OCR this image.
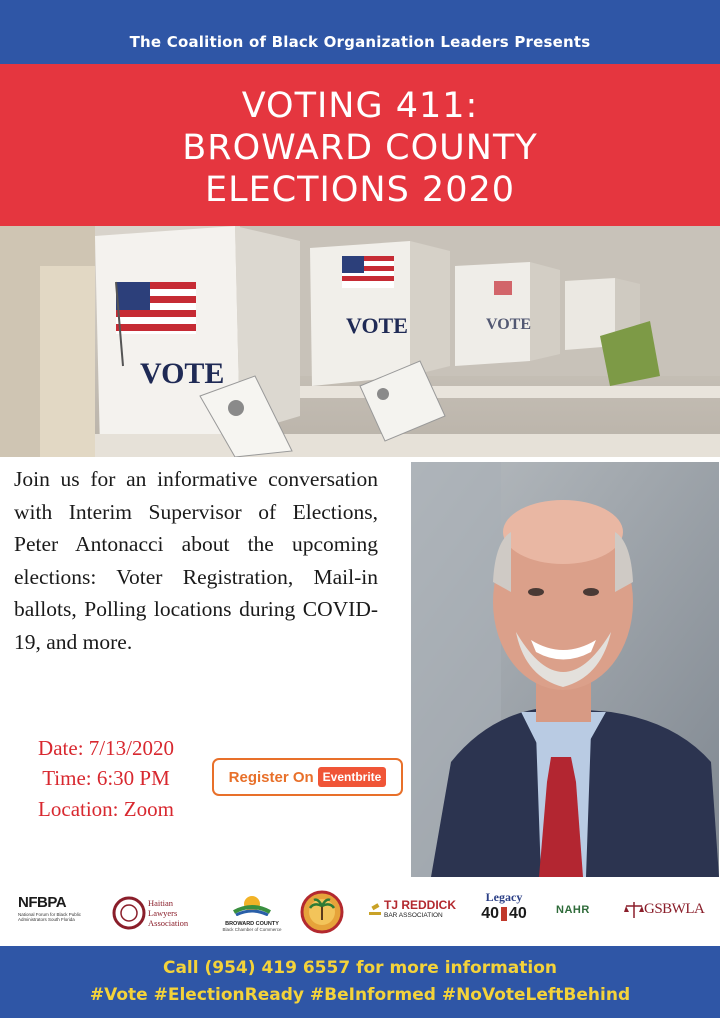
The Coalition of Black Organization Leaders Presents
VOTING 411:
BROWARD COUNTY
ELECTIONS 2020
VOTE
VOTE	VOTE
Join us for an informative conversation with Interim Supervisor of Elections, Peter Antonacci about the upcoming elections: Voter Registration, Mail-in ballots, Polling locations during COVID-19, and more.
Date: 7/13/2020
Time: 6:30 PM
Location: Zoom
Register On Eventbrite
NFBPA
National Forum for Black Public Administrators South Florida
Haitian Lawyers Association	BROWARD COUNTY
Black Chamber of Commerce
TJ REDDICK
BAR ASSOCIATION
Legacy
40 40	NAHR	GSBWLA
Call (954) 419 6557 for more information
#Vote #ElectionReady #BeInformed #NoVoteLeftBehind
